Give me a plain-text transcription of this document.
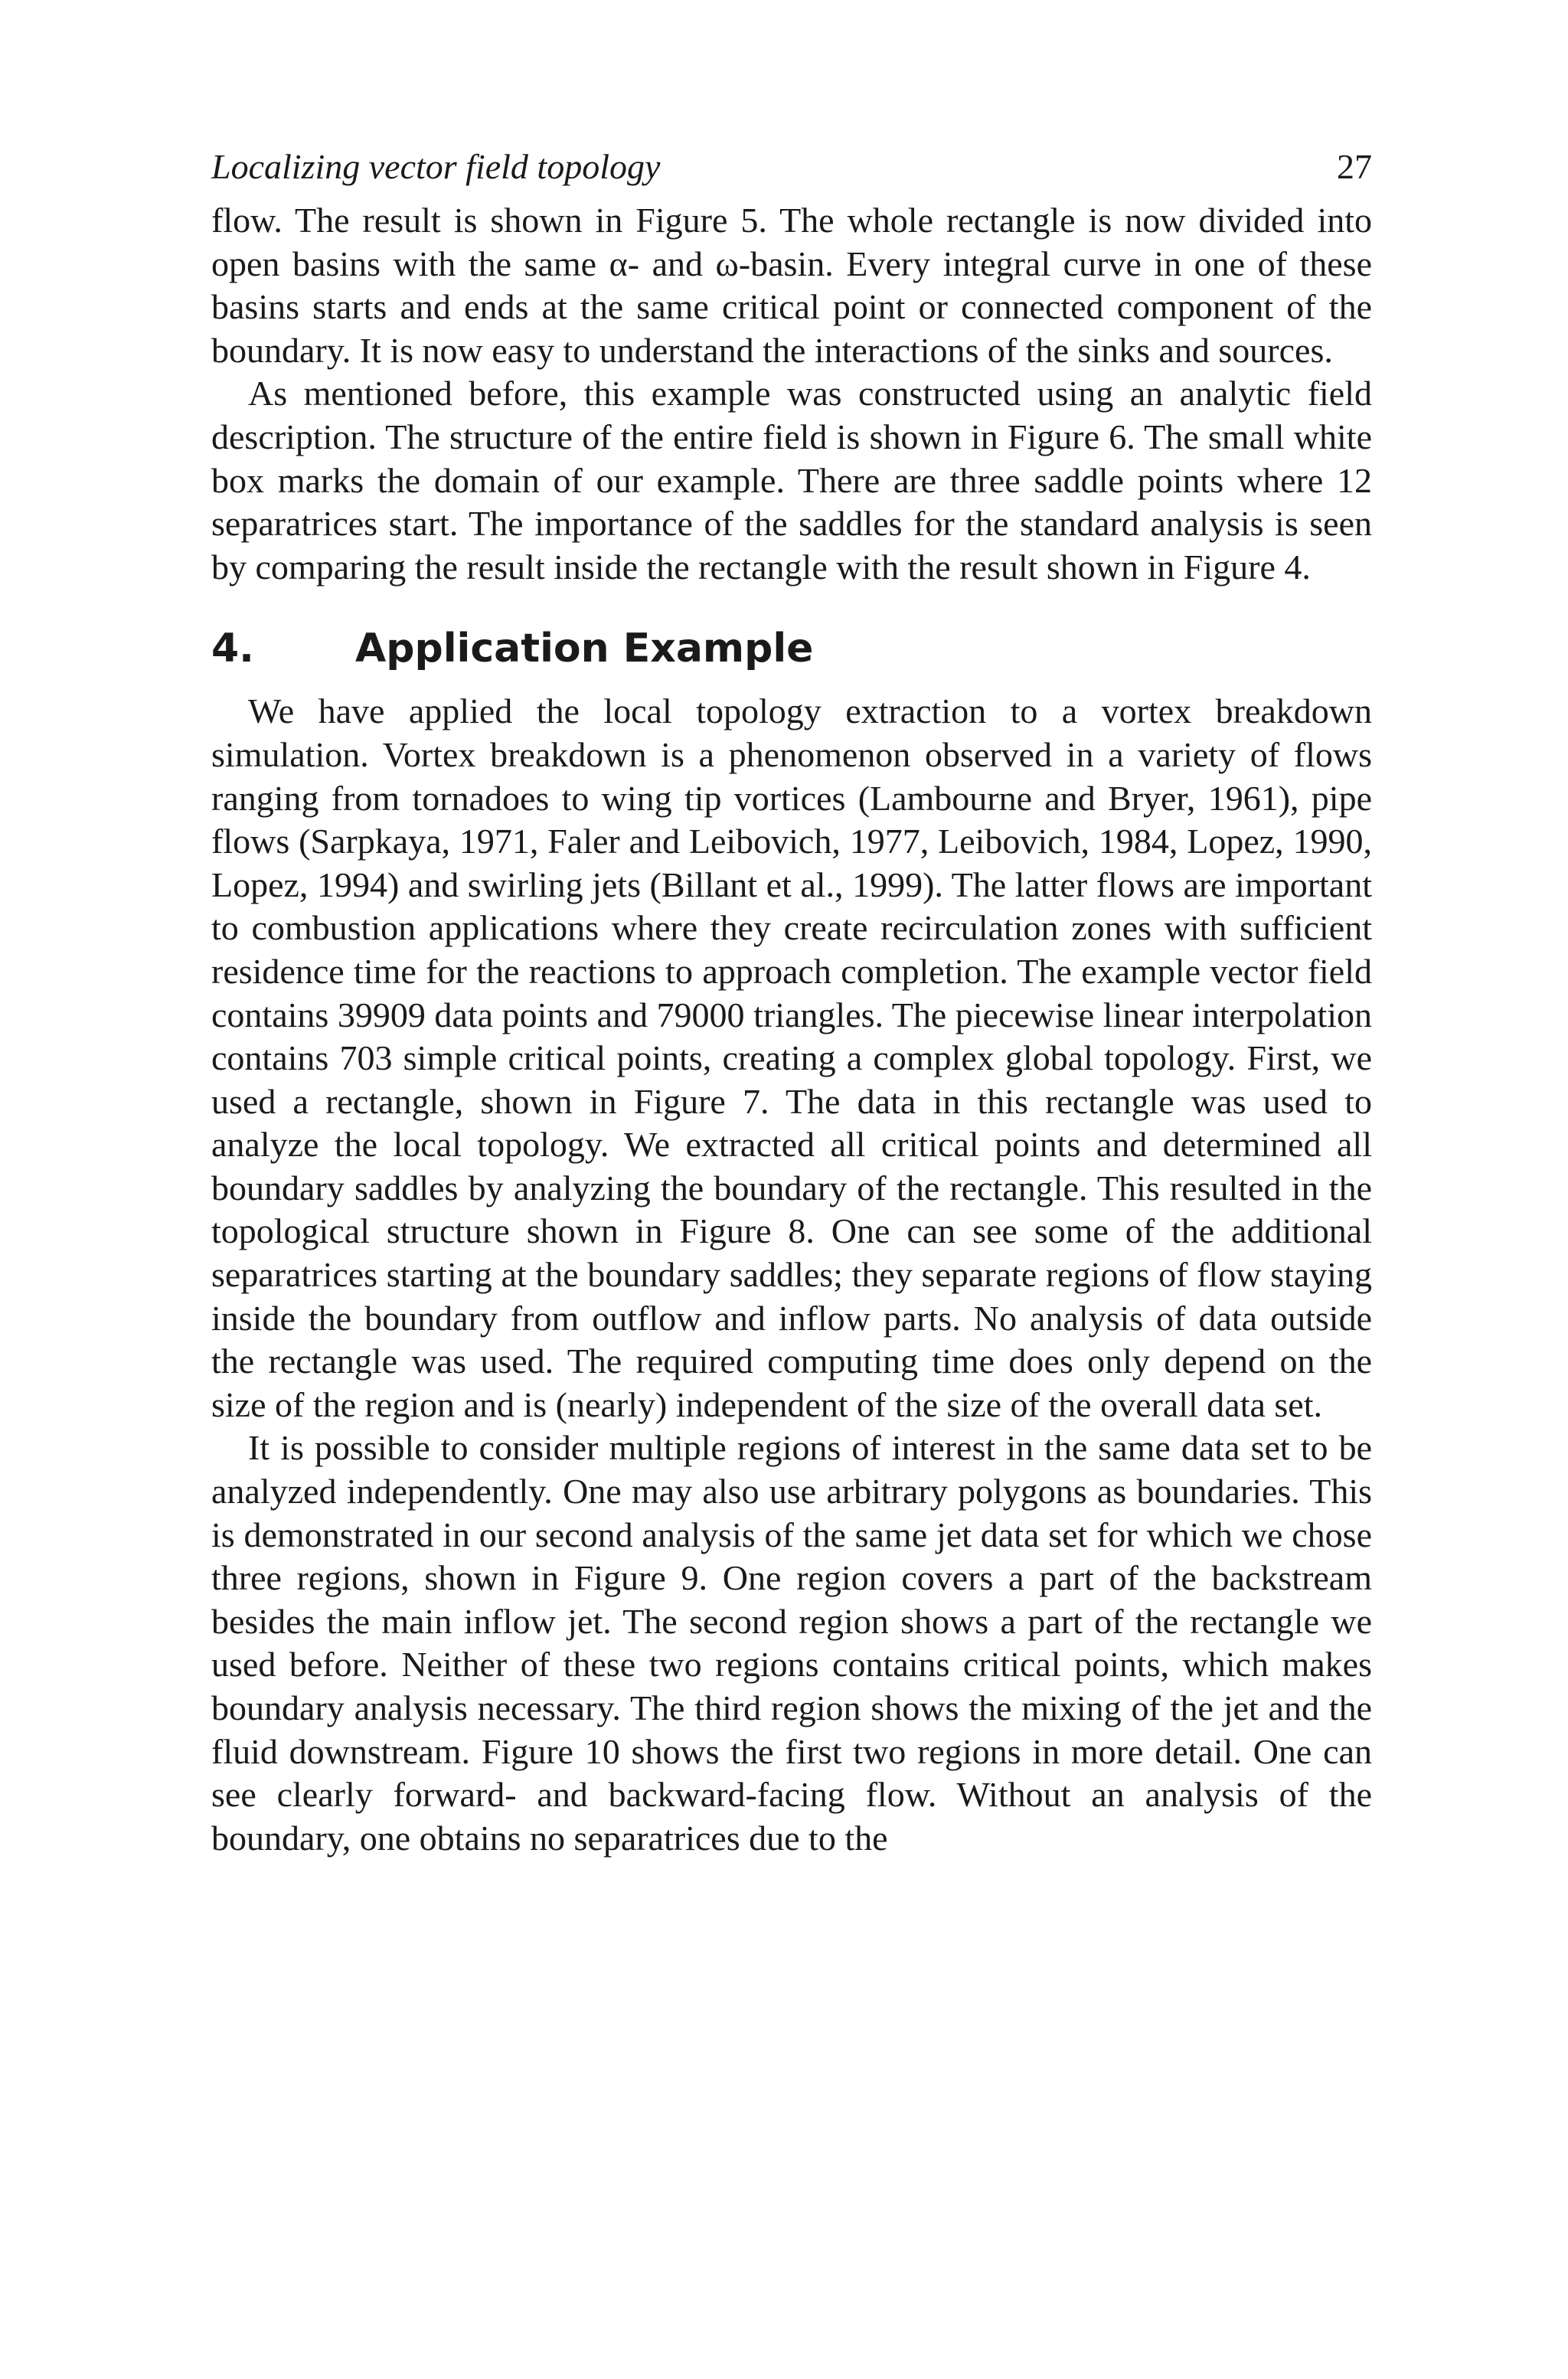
Localizing vector field topology	27

flow. The result is shown in Figure 5. The whole rectangle is now divided into open basins with the same α- and ω-basin. Every integral curve in one of these basins starts and ends at the same critical point or connected component of the boundary. It is now easy to understand the interactions of the sinks and sources.

As mentioned before, this example was constructed using an analytic field description. The structure of the entire field is shown in Figure 6. The small white box marks the domain of our example. There are three saddle points where 12 separatrices start. The importance of the saddles for the standard analysis is seen by comparing the result inside the rectangle with the result shown in Figure 4.

4.	Application Example

We have applied the local topology extraction to a vortex breakdown simulation. Vortex breakdown is a phenomenon observed in a variety of flows ranging from tornadoes to wing tip vortices (Lambourne and Bryer, 1961), pipe flows (Sarpkaya, 1971, Faler and Leibovich, 1977, Leibovich, 1984, Lopez, 1990, Lopez, 1994) and swirling jets (Billant et al., 1999). The latter flows are important to combustion applications where they create recirculation zones with sufficient residence time for the reactions to approach completion. The example vector field contains 39909 data points and 79000 triangles. The piecewise linear interpolation contains 703 simple critical points, creating a complex global topology. First, we used a rectangle, shown in Figure 7. The data in this rectangle was used to analyze the local topology. We extracted all critical points and determined all boundary saddles by analyzing the boundary of the rectangle. This resulted in the topological structure shown in Figure 8. One can see some of the additional separatrices starting at the boundary saddles; they separate regions of flow staying inside the boundary from outflow and inflow parts. No analysis of data outside the rectangle was used. The required computing time does only depend on the size of the region and is (nearly) independent of the size of the overall data set.

It is possible to consider multiple regions of interest in the same data set to be analyzed independently. One may also use arbitrary polygons as boundaries. This is demonstrated in our second analysis of the same jet data set for which we chose three regions, shown in Figure 9. One region covers a part of the backstream besides the main inflow jet. The second region shows a part of the rectangle we used before. Neither of these two regions contains critical points, which makes boundary analysis necessary. The third region shows the mixing of the jet and the fluid downstream. Figure 10 shows the first two regions in more detail. One can see clearly forward- and backward-facing flow. Without an analysis of the boundary, one obtains no separatrices due to the
